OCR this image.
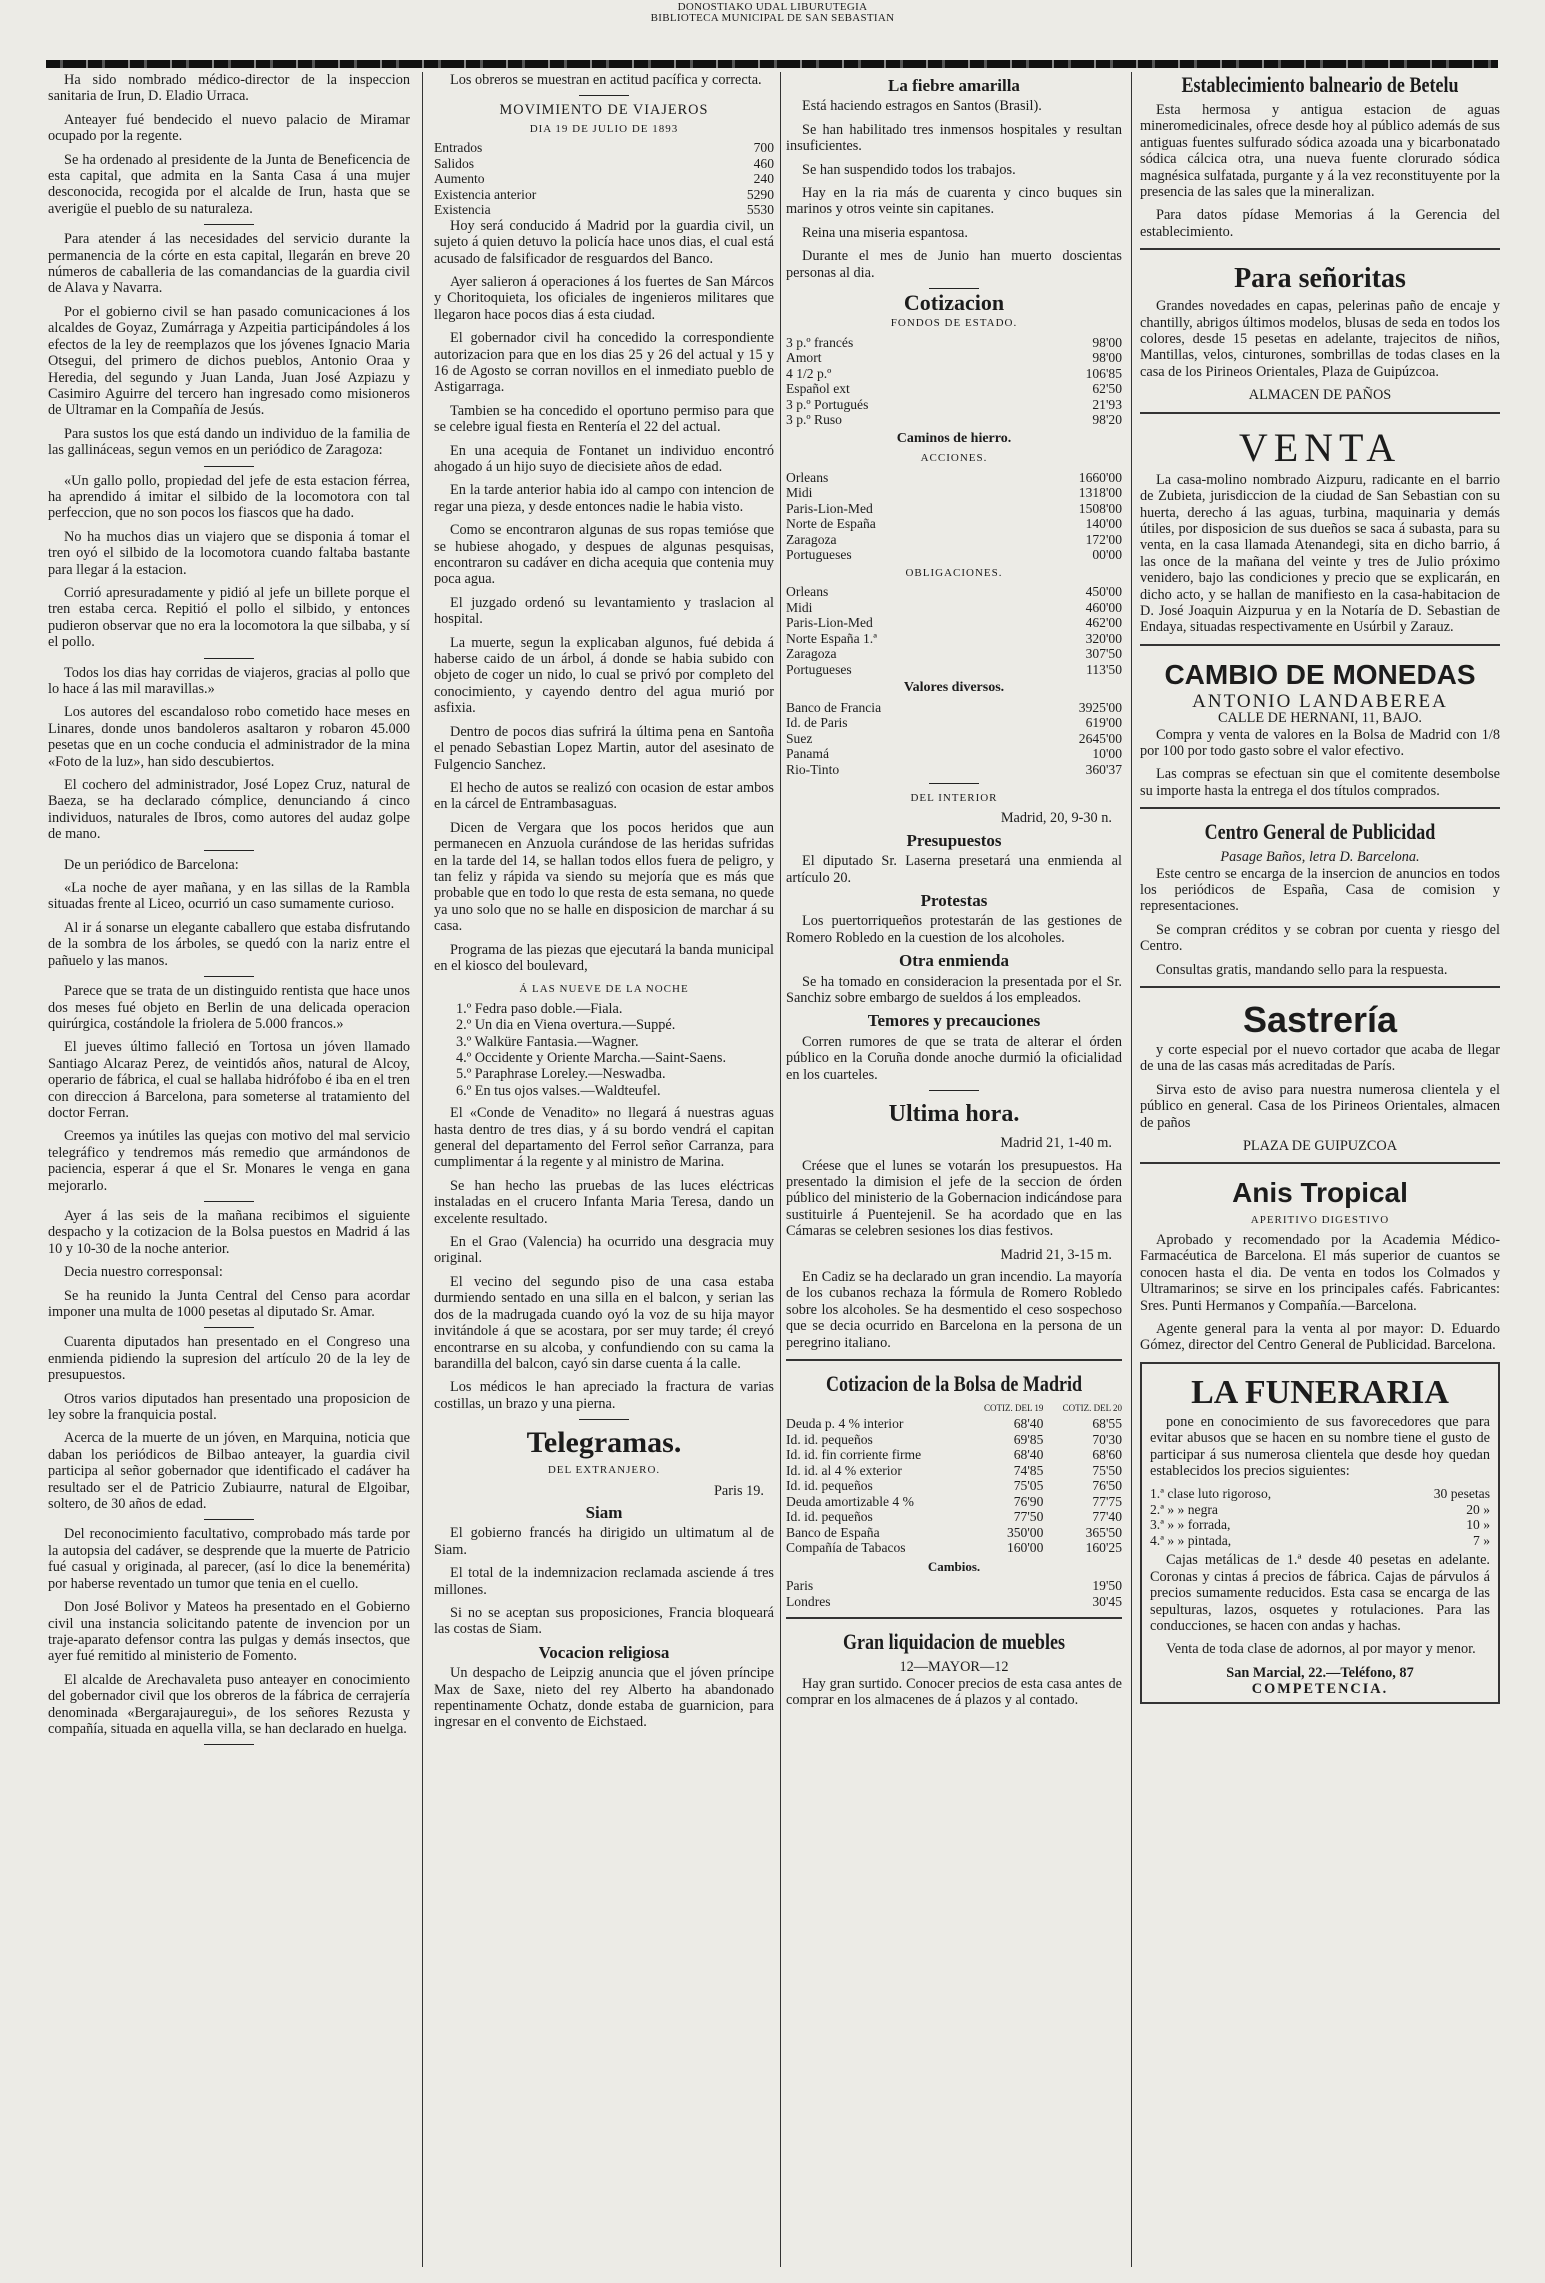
DONOSTIAKO UDAL LIBURUTEGIA
BIBLIOTECA MUNICIPAL DE SAN SEBASTIAN

Ha sido nombrado médico-director de la inspeccion sanitaria de Irun, D. Eladio Urraca.

Anteayer fué bendecido el nuevo palacio de Miramar ocupado por la regente.

Se ha ordenado al presidente de la Junta de Beneficencia de esta capital, que admita en la Santa Casa á una mujer desconocida, recogida por el alcalde de Irun, hasta que se averigüe el pueblo de su naturaleza.

Para atender á las necesidades del servicio durante la permanencia de la córte en esta capital, llegarán en breve 20 números de caballeria de las comandancias de la guardia civil de Alava y Navarra.

Por el gobierno civil se han pasado comunicaciones á los alcaldes de Goyaz, Zumárraga y Azpeitia participándoles á los efectos de la ley de reemplazos que los jóvenes Ignacio Maria Otsegui, del primero de dichos pueblos, Antonio Oraa y Heredia, del segundo y Juan Landa, Juan José Azpiazu y Casimiro Aguirre del tercero han ingresado como misioneros de Ultramar en la Compañía de Jesús.

Para sustos los que está dando un individuo de la familia de las gallináceas, segun vemos en un periódico de Zaragoza:

«Un gallo pollo, propiedad del jefe de esta estacion férrea, ha aprendido á imitar el silbido de la locomotora con tal perfeccion, que no son pocos los fiascos que ha dado.

No ha muchos dias un viajero que se disponia á tomar el tren oyó el silbido de la locomotora cuando faltaba bastante para llegar á la estacion.

Corrió apresuradamente y pidió al jefe un billete porque el tren estaba cerca. Repitió el pollo el silbido, y entonces pudieron observar que no era la locomotora la que silbaba, y sí el pollo.

Todos los dias hay corridas de viajeros, gracias al pollo que lo hace á las mil maravillas.»

Los autores del escandaloso robo cometido hace meses en Linares, donde unos bandoleros asaltaron y robaron 45.000 pesetas que en un coche conducia el administrador de la mina «Foto de la luz», han sido descubiertos.

El cochero del administrador, José Lopez Cruz, natural de Baeza, se ha declarado cómplice, denunciando á cinco individuos, naturales de Ibros, como autores del audaz golpe de mano.

De un periódico de Barcelona:

«La noche de ayer mañana, y en las sillas de la Rambla situadas frente al Liceo, ocurrió un caso sumamente curioso.

Al ir á sonarse un elegante caballero que estaba disfrutando de la sombra de los árboles, se quedó con la nariz entre el pañuelo y las manos.

Parece que se trata de un distinguido rentista que hace unos dos meses fué objeto en Berlin de una delicada operacion quirúrgica, costándole la friolera de 5.000 francos.»

El jueves último falleció en Tortosa un jóven llamado Santiago Alcaraz Perez, de veintidós años, natural de Alcoy, operario de fábrica, el cual se hallaba hidrófobo é iba en el tren con direccion á Barcelona, para someterse al tratamiento del doctor Ferran.

Creemos ya inútiles las quejas con motivo del mal servicio telegráfico y tendremos más remedio que armándonos de paciencia, esperar á que el Sr. Monares le venga en gana mejorarlo.

Ayer á las seis de la mañana recibimos el siguiente despacho y la cotizacion de la Bolsa puestos en Madrid á las 10 y 10-30 de la noche anterior.

Decia nuestro corresponsal:

Se ha reunido la Junta Central del Censo para acordar imponer una multa de 1000 pesetas al diputado Sr. Amar.

Cuarenta diputados han presentado en el Congreso una enmienda pidiendo la supresion del artículo 20 de la ley de presupuestos.

Otros varios diputados han presentado una proposicion de ley sobre la franquicia postal.

Acerca de la muerte de un jóven, en Marquina, noticia que daban los periódicos de Bilbao anteayer, la guardia civil participa al señor gobernador que identificado el cadáver ha resultado ser el de Patricio Zubiaurre, natural de Elgoibar, soltero, de 30 años de edad.

Del reconocimiento facultativo, comprobado más tarde por la autopsia del cadáver, se desprende que la muerte de Patricio fué casual y originada, al parecer, (así lo dice la benemérita) por haberse reventado un tumor que tenia en el cuello.

Don José Bolivor y Mateos ha presentado en el Gobierno civil una instancia solicitando patente de invencion por un traje-aparato defensor contra las pulgas y demás insectos, que ayer fué remitido al ministerio de Fomento.

El alcalde de Arechavaleta puso anteayer en conocimiento del gobernador civil que los obreros de la fábrica de cerrajería denominada «Bergarajauregui», de los señores Rezusta y compañía, situada en aquella villa, se han declarado en huelga.

Los obreros se muestran en actitud pacífica y correcta.

MOVIMIENTO DE VIAJEROS
DIA 19 DE JULIO DE 1893
Entrados	700
Salidos	460
Aumento	240
Existencia anterior	5290
Existencia	5530

Hoy será conducido á Madrid por la guardia civil, un sujeto á quien detuvo la policía hace unos dias, el cual está acusado de falsificador de resguardos del Banco.

Ayer salieron á operaciones á los fuertes de San Márcos y Choritoquieta, los oficiales de ingenieros militares que llegaron hace pocos dias á esta ciudad.

El gobernador civil ha concedido la correspondiente autorizacion para que en los dias 25 y 26 del actual y 15 y 16 de Agosto se corran novillos en el inmediato pueblo de Astigarraga.

Tambien se ha concedido el oportuno permiso para que se celebre igual fiesta en Rentería el 22 del actual.

En una acequia de Fontanet un individuo encontró ahogado á un hijo suyo de diecisiete años de edad.

En la tarde anterior habia ido al campo con intencion de regar una pieza, y desde entonces nadie le habia visto.

Como se encontraron algunas de sus ropas temióse que se hubiese ahogado, y despues de algunas pesquisas, encontraron su cadáver en dicha acequia que contenia muy poca agua.

El juzgado ordenó su levantamiento y traslacion al hospital.

La muerte, segun la explicaban algunos, fué debida á haberse caido de un árbol, á donde se habia subido con objeto de coger un nido, lo cual se privó por completo del conocimiento, y cayendo dentro del agua murió por asfixia.

Dentro de pocos dias sufrirá la última pena en Santoña el penado Sebastian Lopez Martin, autor del asesinato de Fulgencio Sanchez.

El hecho de autos se realizó con ocasion de estar ambos en la cárcel de Entrambasaguas.

Dicen de Vergara que los pocos heridos que aun permanecen en Anzuola curándose de las heridas sufridas en la tarde del 14, se hallan todos ellos fuera de peligro, y tan feliz y rápida va siendo su mejoría que es más que probable que en todo lo que resta de esta semana, no quede ya uno solo que no se halle en disposicion de marchar á su casa.

Programa de las piezas que ejecutará la banda municipal en el kiosco del boulevard,

Á LAS NUEVE DE LA NOCHE
1.º Fedra paso doble.—Fiala.
2.º Un dia en Viena overtura.—Suppé.
3.º Walküre Fantasia.—Wagner.
4.º Occidente y Oriente Marcha.—Saint-Saens.
5.º Paraphrase Loreley.—Neswadba.
6.º En tus ojos valses.—Waldteufel.

El «Conde de Venadito» no llegará á nuestras aguas hasta dentro de tres dias, y á su bordo vendrá el capitan general del departamento del Ferrol señor Carranza, para cumplimentar á la regente y al ministro de Marina.

Se han hecho las pruebas de las luces eléctricas instaladas en el crucero Infanta Maria Teresa, dando un excelente resultado.

En el Grao (Valencia) ha ocurrido una desgracia muy original.

El vecino del segundo piso de una casa estaba durmiendo sentado en una silla en el balcon, y serian las dos de la madrugada cuando oyó la voz de su hija mayor invitándole á que se acostara, por ser muy tarde; él creyó encontrarse en su alcoba, y confundiendo con su cama la barandilla del balcon, cayó sin darse cuenta á la calle.

Los médicos le han apreciado la fractura de varias costillas, un brazo y una pierna.

Telegramas.
DEL EXTRANJERO.
Paris 19.
Siam

El gobierno francés ha dirigido un ultimatum al de Siam.

El total de la indemnizacion reclamada asciende á tres millones.

Si no se aceptan sus proposiciones, Francia bloqueará las costas de Siam.

Vocacion religiosa

Un despacho de Leipzig anuncia que el jóven príncipe Max de Saxe, nieto del rey Alberto ha abandonado repentinamente Ochatz, donde estaba de guarnicion, para ingresar en el convento de Eichstaed.

La fiebre amarilla

Está haciendo estragos en Santos (Brasil).

Se han habilitado tres inmensos hospitales y resultan insuficientes.

Se han suspendido todos los trabajos.

Hay en la ria más de cuarenta y cinco buques sin marinos y otros veinte sin capitanes.

Reina una miseria espantosa.

Durante el mes de Junio han muerto doscientas personas al dia.

Cotizacion
FONDOS DE ESTADO.
3 p.º francés	98'00
Amort	98'00
4 1/2 p.º	106'85
Español ext	62'50
3 p.º Portugués	21'93
3 p.º Ruso	98'20
Caminos de hierro.
ACCIONES.
Orleans	1660'00
Midi	1318'00
Paris-Lion-Med	1508'00
Norte de España	140'00
Zaragoza	172'00
Portugueses	00'00
OBLIGACIONES.
Orleans	450'00
Midi	460'00
Paris-Lion-Med	462'00
Norte España 1.ª	320'00
Zaragoza	307'50
Portugueses	113'50
Valores diversos.
Banco de Francia	3925'00
Id. de Paris	619'00
Suez	2645'00
Panamá	10'00
Rio-Tinto	360'37
DEL INTERIOR
Madrid, 20, 9-30 n.
Presupuestos

El diputado Sr. Laserna presetará una enmienda al artículo 20.

Protestas

Los puertorriqueños protestarán de las gestiones de Romero Robledo en la cuestion de los alcoholes.

Otra enmienda

Se ha tomado en consideracion la presentada por el Sr. Sanchiz sobre embargo de sueldos á los empleados.

Temores y precauciones

Corren rumores de que se trata de alterar el órden público en la Coruña donde anoche durmió la oficialidad en los cuarteles.

Ultima hora.
Madrid 21, 1-40 m.

Créese que el lunes se votarán los presupuestos. Ha presentado la dimision el jefe de la seccion de órden público del ministerio de la Gobernacion indicándose para sustituirle á Puentejenil. Se ha acordado que en las Cámaras se celebren sesiones los dias festivos.

Madrid 21, 3-15 m.

En Cadiz se ha declarado un gran incendio. La mayoría de los cubanos rechaza la fórmula de Romero Robledo sobre los alcoholes. Se ha desmentido el ceso sospechoso que se decia ocurrido en Barcelona en la persona de un peregrino italiano.

Cotizacion de la Bolsa de Madrid
	COTIZ. DEL 19	COTIZ. DEL 20
Deuda p. 4 % interior	68'40	68'55
Id. id. pequeños	69'85	70'30
Id. id. fin corriente firme	68'40	68'60
Id. id. al 4 % exterior	74'85	75'50
Id. id. pequeños	75'05	76'50
Deuda amortizable 4 %	76'90	77'75
Id. id. pequeños	77'50	77'40
Banco de España	350'00	365'50
Compañía de Tabacos	160'00	160'25
Cambios.
Paris		19'50
Londres		30'45
Gran liquidacion de muebles
12—MAYOR—12

Hay gran surtido. Conocer precios de esta casa antes de comprar en los almacenes de á plazos y al contado.

Establecimiento balneario de Betelu

Esta hermosa y antigua estacion de aguas mineromedicinales, ofrece desde hoy al público además de sus antiguas fuentes sulfurado sódica azoada una y bicarbonatado sódica cálcica otra, una nueva fuente clorurado sódica magnésica sulfatada, purgante y á la vez reconstituyente por la presencia de las sales que la mineralizan.

Para datos pídase Memorias á la Gerencia del establecimiento.

Para señoritas

Grandes novedades en capas, pelerinas paño de encaje y chantilly, abrigos últimos modelos, blusas de seda en todos los colores, desde 15 pesetas en adelante, trajecitos de niños, Mantillas, velos, cinturones, sombrillas de todas clases en la casa de los Pirineos Orientales, Plaza de Guipúzcoa.

ALMACEN DE PAÑOS
VENTA

La casa-molino nombrado Aizpuru, radicante en el barrio de Zubieta, jurisdiccion de la ciudad de San Sebastian con su huerta, derecho á las aguas, turbina, maquinaria y demás útiles, por disposicion de sus dueños se saca á subasta, para su venta, en la casa llamada Atenandegi, sita en dicho barrio, á las once de la mañana del veinte y tres de Julio próximo venidero, bajo las condiciones y precio que se explicarán, en dicho acto, y se hallan de manifiesto en la casa-habitacion de D. José Joaquin Aizpurua y en la Notaría de D. Sebastian de Endaya, situadas respectivamente en Usúrbil y Zarauz.

CAMBIO DE MONEDAS
ANTONIO LANDABEREA
CALLE DE HERNANI, 11, BAJO.

Compra y venta de valores en la Bolsa de Madrid con 1/8 por 100 por todo gasto sobre el valor efectivo.

Las compras se efectuan sin que el comitente desembolse su importe hasta la entrega el dos títulos comprados.

Centro General de Publicidad
Pasage Baños, letra D. Barcelona.

Este centro se encarga de la insercion de anuncios en todos los periódicos de España, Casa de comision y representaciones.

Se compran créditos y se cobran por cuenta y riesgo del Centro.

Consultas gratis, mandando sello para la respuesta.

Sastrería

y corte especial por el nuevo cortador que acaba de llegar de una de las casas más acreditadas de París.

Sirva esto de aviso para nuestra numerosa clientela y el público en general. Casa de los Pirineos Orientales, almacen de paños

PLAZA DE GUIPUZCOA
Anis Tropical
APERITIVO DIGESTIVO

Aprobado y recomendado por la Academia Médico-Farmacéutica de Barcelona. El más superior de cuantos se conocen hasta el dia. De venta en todos los Colmados y Ultramarinos; se sirve en los principales cafés. Fabricantes: Sres. Punti Hermanos y Compañía.—Barcelona.

Agente general para la venta al por mayor: D. Eduardo Gómez, director del Centro General de Publicidad. Barcelona.

LA FUNERARIA

pone en conocimiento de sus favorecedores que para evitar abusos que se hacen en su nombre tiene el gusto de participar á sus numerosa clientela que desde hoy quedan establecidos los precios siguientes:

1.ª clase luto rigoroso,	30 pesetas
2.ª » » negra	20 »
3.ª » » forrada,	10 »
4.ª » » pintada,	7 »

Cajas metálicas de 1.ª desde 40 pesetas en adelante. Coronas y cintas á precios de fábrica. Cajas de párvulos á precios sumamente reducidos. Esta casa se encarga de las sepulturas, lazos, osquetes y rotulaciones. Para las conducciones, se hacen con andas y hachas.

Venta de toda clase de adornos, al por mayor y menor.

San Marcial, 22.—Teléfono, 87
COMPETENCIA.
